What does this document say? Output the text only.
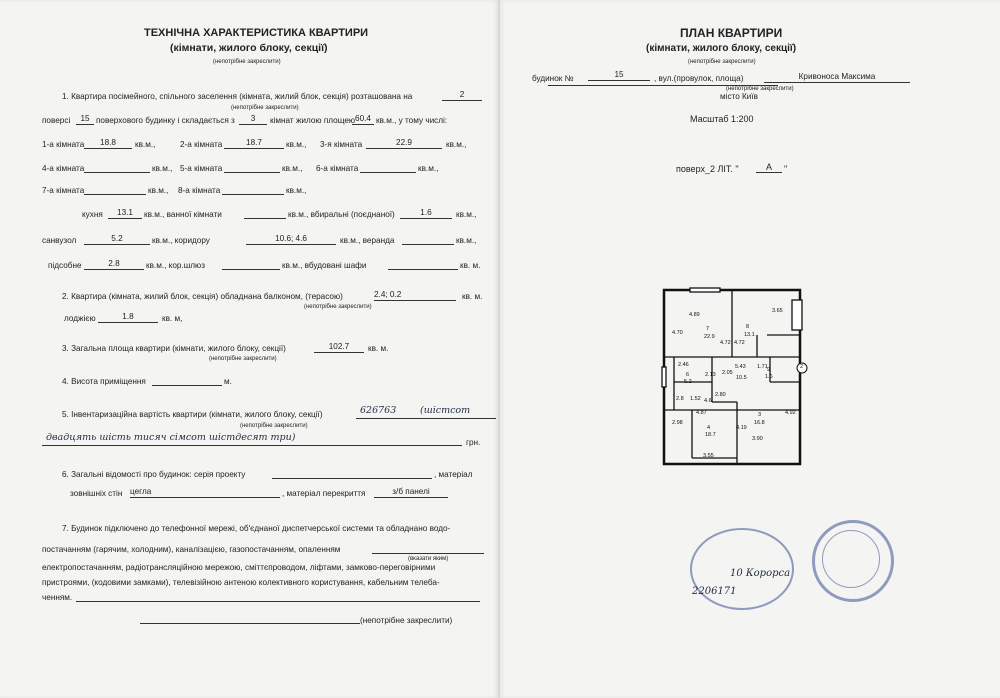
ТЕХНІЧНА ХАРАКТЕРИСТИКА КВАРТИРИ
(кімнати, жилого блоку, секції)
(непотрібне закреслити)
1. Квартира посімейного, спільного заселення (кімната, жилий блок, секція) розташована на	2
(непотрібне закреслити)
поверсі	15 поверхового будинку і складається з	3	кімнат жилою площею 60.4 кв.м., у тому числі:
1-а кімната	18.8	кв.м.,	2-а кімната	18.7	кв.м., 3-я кімната	22.9	кв.м.,
4-а кімната	кв.м., 5-а кімната	кв.м., 6-а кімната	кв.м.,
7-а кімната	кв.м., 8-а кімната	кв.м.,
кухня	13.1	кв.м., ванної кімнати	кв.м., вбиральні (поєднаної)	1.6	кв.м.,
санвузол	5.2	кв.м., коридору	10.6; 4.6	кв.м., веранда	кв.м.,
підсобне	2.8	кв.м., кор.шлюз	кв.м., вбудовані шафи	кв. м.
2. Квартира (кімната, жилий блок, секція) обладнана балконом, (терасою)	2.4; 0.2	кв. м.
(непотрібне закреслити)
лоджією	1.8	кв. м,
3. Загальна площа квартири (кімнати, жилого блоку, секції)	102.7	кв. м.
(непотрібне закреслити)
4. Висота приміщення	м.
5. Інвентаризаційна вартість квартири (кімнати, жилого блоку, секції)	626763 (шістсот
(непотрібне закреслити)
двадцять шість тисяч сімсот шістдесят три)	грн.
6. Загальні відомості про будинок: серія проекту	, матеріал
зовнішніх стін цегла	, матеріал перекриття	з/б панелі
7. Будинок підключено до телефонної мережі, об'єднаної диспетчерської системи та обладнано водо-
постачанням (гарячим, холодним), каналізацією, газопостачанням, опаленням
(вказати яким)
електропостачанням, радіотрансляційною мережою, сміттєпроводом, ліфтами, замково-переговірними
пристроями, (кодовими замками), телевізійною антеною колективного користування, кабельним телеба-
ченням.
(непотрібне закреслити)
ПЛАН КВАРТИРИ
(кімнати, жилого блоку, секції)
(непотрібне закреслити)
будинок №	15	, вул.(провулок, площа)	Кривоноса Максима
(непотрібне закреслити)
місто Київ
Масштаб 1:200
поверх_2 ЛІТ. "	А	"
4.89
3.65
7
22.9
8
13.1
4.70
4.72 4.72
2.46	5.43 1.71
2.05
10.5
6
5.2
2.13	1.6
9
2.8 1.52 4.6
2.80
4.87	3
16.8
4
18.7
3.90
4.19
4.92
2.98
3.55
2
10 Корорса
2206171
